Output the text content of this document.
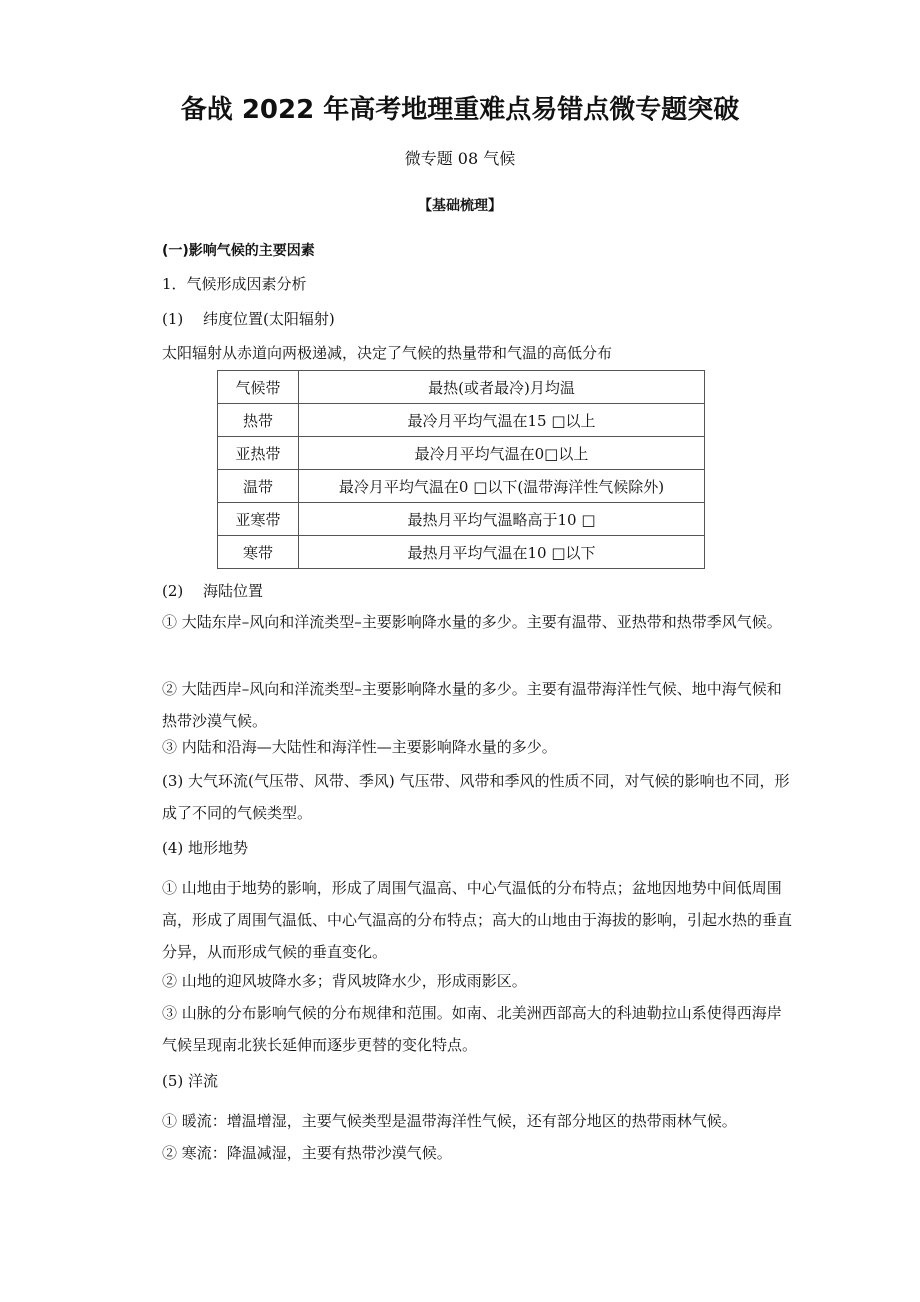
备战 2022 年高考地理重难点易错点微专题突破
微专题 08 气候
【基础梳理】
(一)影响气候的主要因素
1．气候形成因素分析
(1)　 纬度位置(太阳辐射)
太阳辐射从赤道向两极递减，决定了气候的热量带和气温的高低分布
气候带	最热(或者最冷)月均温
热带	最冷月平均气温在15 □以上
亚热带	最冷月平均气温在0□以上
温带	最冷月平均气温在0 □以下(温带海洋性气候除外)
亚寒带	最热月平均气温略高于10 □
寒带	最热月平均气温在10 □以下
(2)　 海陆位置
① 大陆东岸–风向和洋流类型–主要影响降水量的多少。主要有温带、亚热带和热带季风气候。
② 大陆西岸–风向和洋流类型–主要影响降水量的多少。主要有温带海洋性气候、地中海气候和热带沙漠气候。
③ 内陆和沿海—大陆性和海洋性—主要影响降水量的多少。
(3) 大气环流(气压带、风带、季风) 气压带、风带和季风的性质不同，对气候的影响也不同，形成了不同的气候类型。
(4) 地形地势
① 山地由于地势的影响，形成了周围气温高、中心气温低的分布特点；盆地因地势中间低周围高，形成了周围气温低、中心气温高的分布特点；高大的山地由于海拔的影响，引起水热的垂直分异，从而形成气候的垂直变化。
② 山地的迎风坡降水多；背风坡降水少，形成雨影区。
③ 山脉的分布影响气候的分布规律和范围。如南、北美洲西部高大的科迪勒拉山系使得西海岸气候呈现南北狭长延伸而逐步更替的变化特点。
(5) 洋流
① 暖流：增温增湿，主要气候类型是温带海洋性气候，还有部分地区的热带雨林气候。
② 寒流：降温减湿，主要有热带沙漠气候。
